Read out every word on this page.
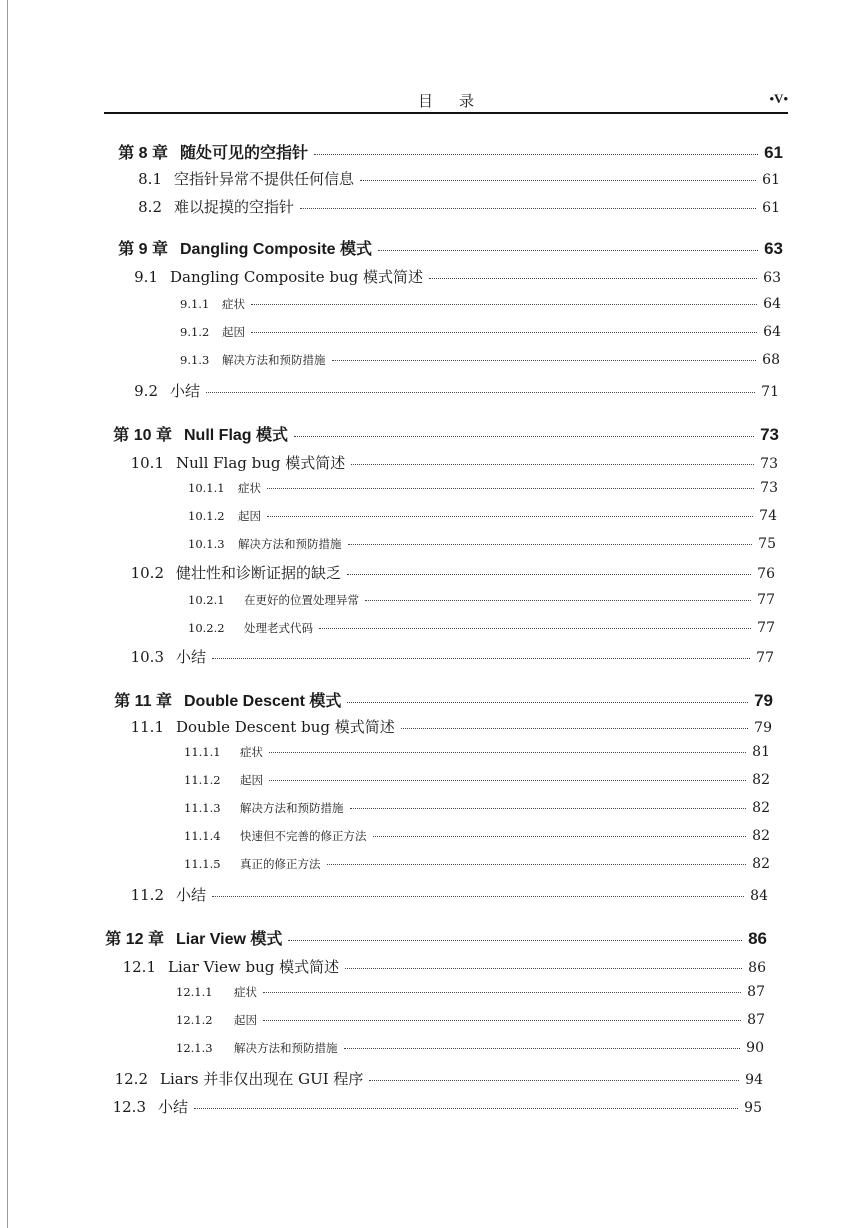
目录	•V•
第 8 章 随处可见的空指针	61
8.1 空指针异常不提供任何信息	61
8.2 难以捉摸的空指针	61
第 9 章 Dangling Composite 模式	63
9.1 Dangling Composite bug 模式简述	63
9.1.1	症状	64
9.1.2	起因	64
9.1.3	解决方法和预防措施	68
9.2 小结	71
第 10 章 Null Flag 模式	73
10.1 Null Flag bug 模式简述	73
10.1.1	症状	73
10.1.2	起因	74
10.1.3	解决方法和预防措施	75
10.2 健壮性和诊断证据的缺乏	76
10.2.1	在更好的位置处理异常	77
10.2.2	处理老式代码	77
10.3 小结	77
第 11 章 Double Descent 模式	79
11.1 Double Descent bug 模式简述	79
11.1.1	症状	81
11.1.2	起因	82
11.1.3	解决方法和预防措施	82
11.1.4	快速但不完善的修正方法	82
11.1.5	真正的修正方法	82
11.2 小结	84
第 12 章 Liar View 模式	86
12.1 Liar View bug 模式简述	86
12.1.1	症状	87
12.1.2	起因	87
12.1.3	解决方法和预防措施	90
12.2 Liars 并非仅出现在 GUI 程序	94
12.3 小结	95
